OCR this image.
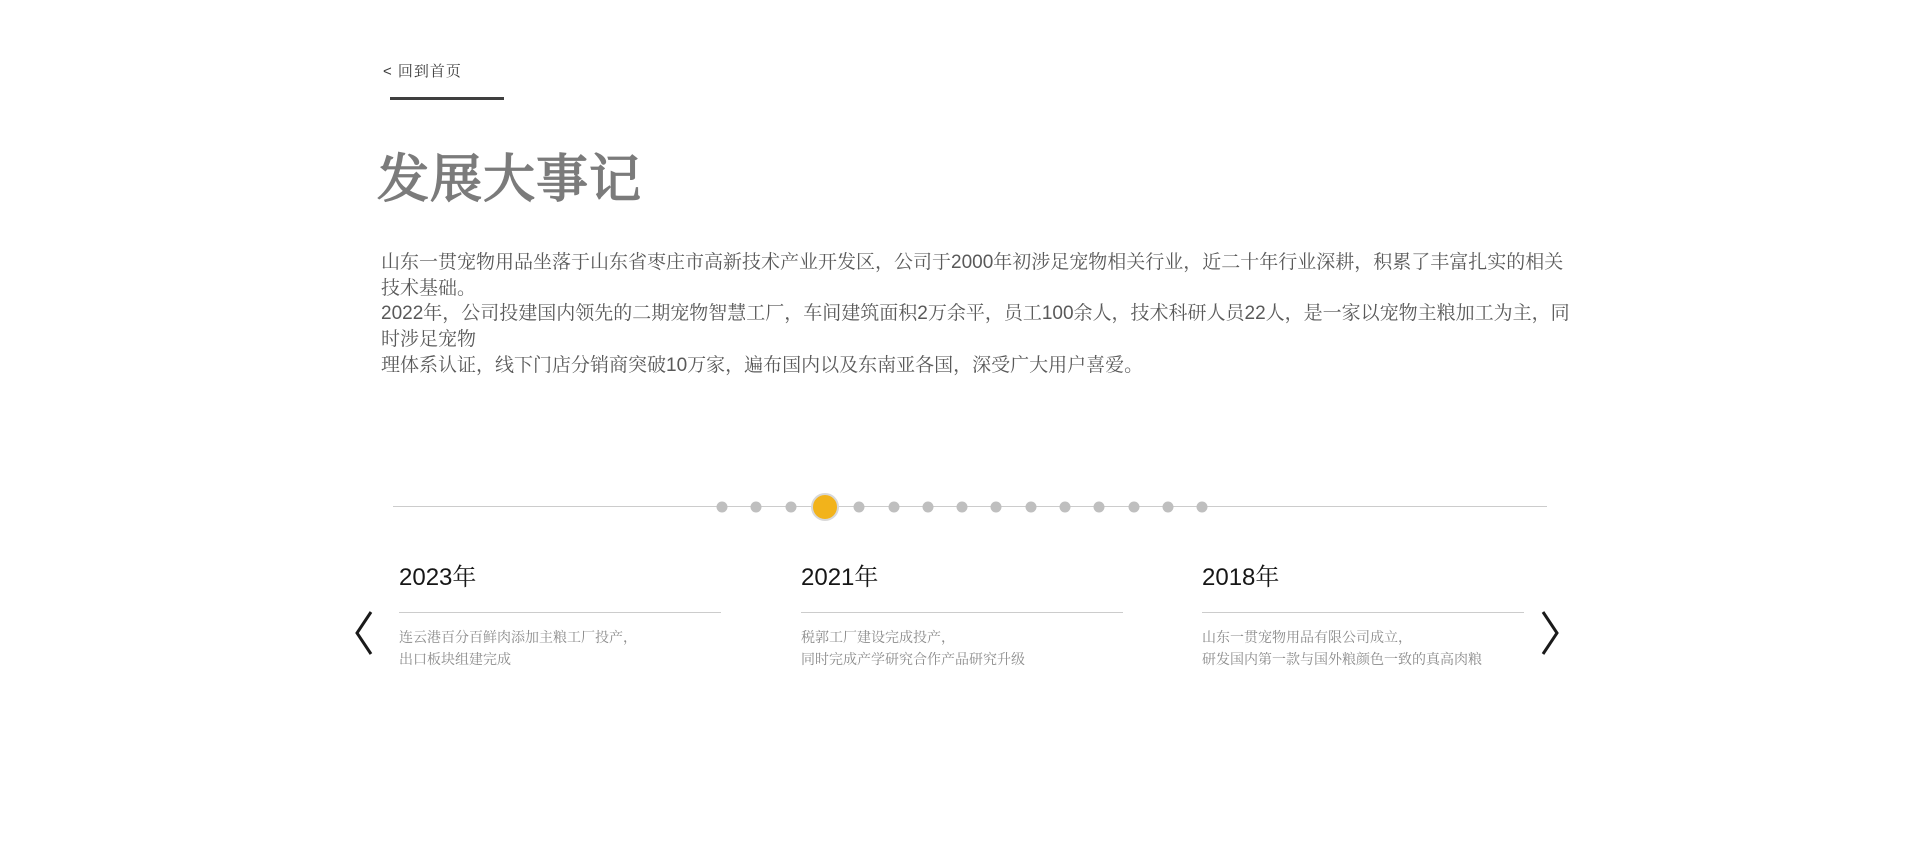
< 回到首页
发展大事记
山东一贯宠物用品坐落于山东省枣庄市高新技术产业开发区，公司于2000年初涉足宠物相关行业，近二十年行业深耕，积累了丰富扎实的相关技术基础。
2022年，公司投建国内领先的二期宠物智慧工厂，车间建筑面积2万余平，员工100余人，技术科研人员22人，是一家以宠物主粮加工为主，同时涉足宠物
理体系认证，线下门店分销商突破10万家，遍布国内以及东南亚各国，深受广大用户喜爱。
2023年
连云港百分百鲜肉添加主粮工厂投产，
出口板块组建完成
2021年
税郭工厂建设完成投产，
同时完成产学研究合作产品研究升级
2018年
山东一贯宠物用品有限公司成立，
研发国内第一款与国外粮颜色一致的真高肉粮
